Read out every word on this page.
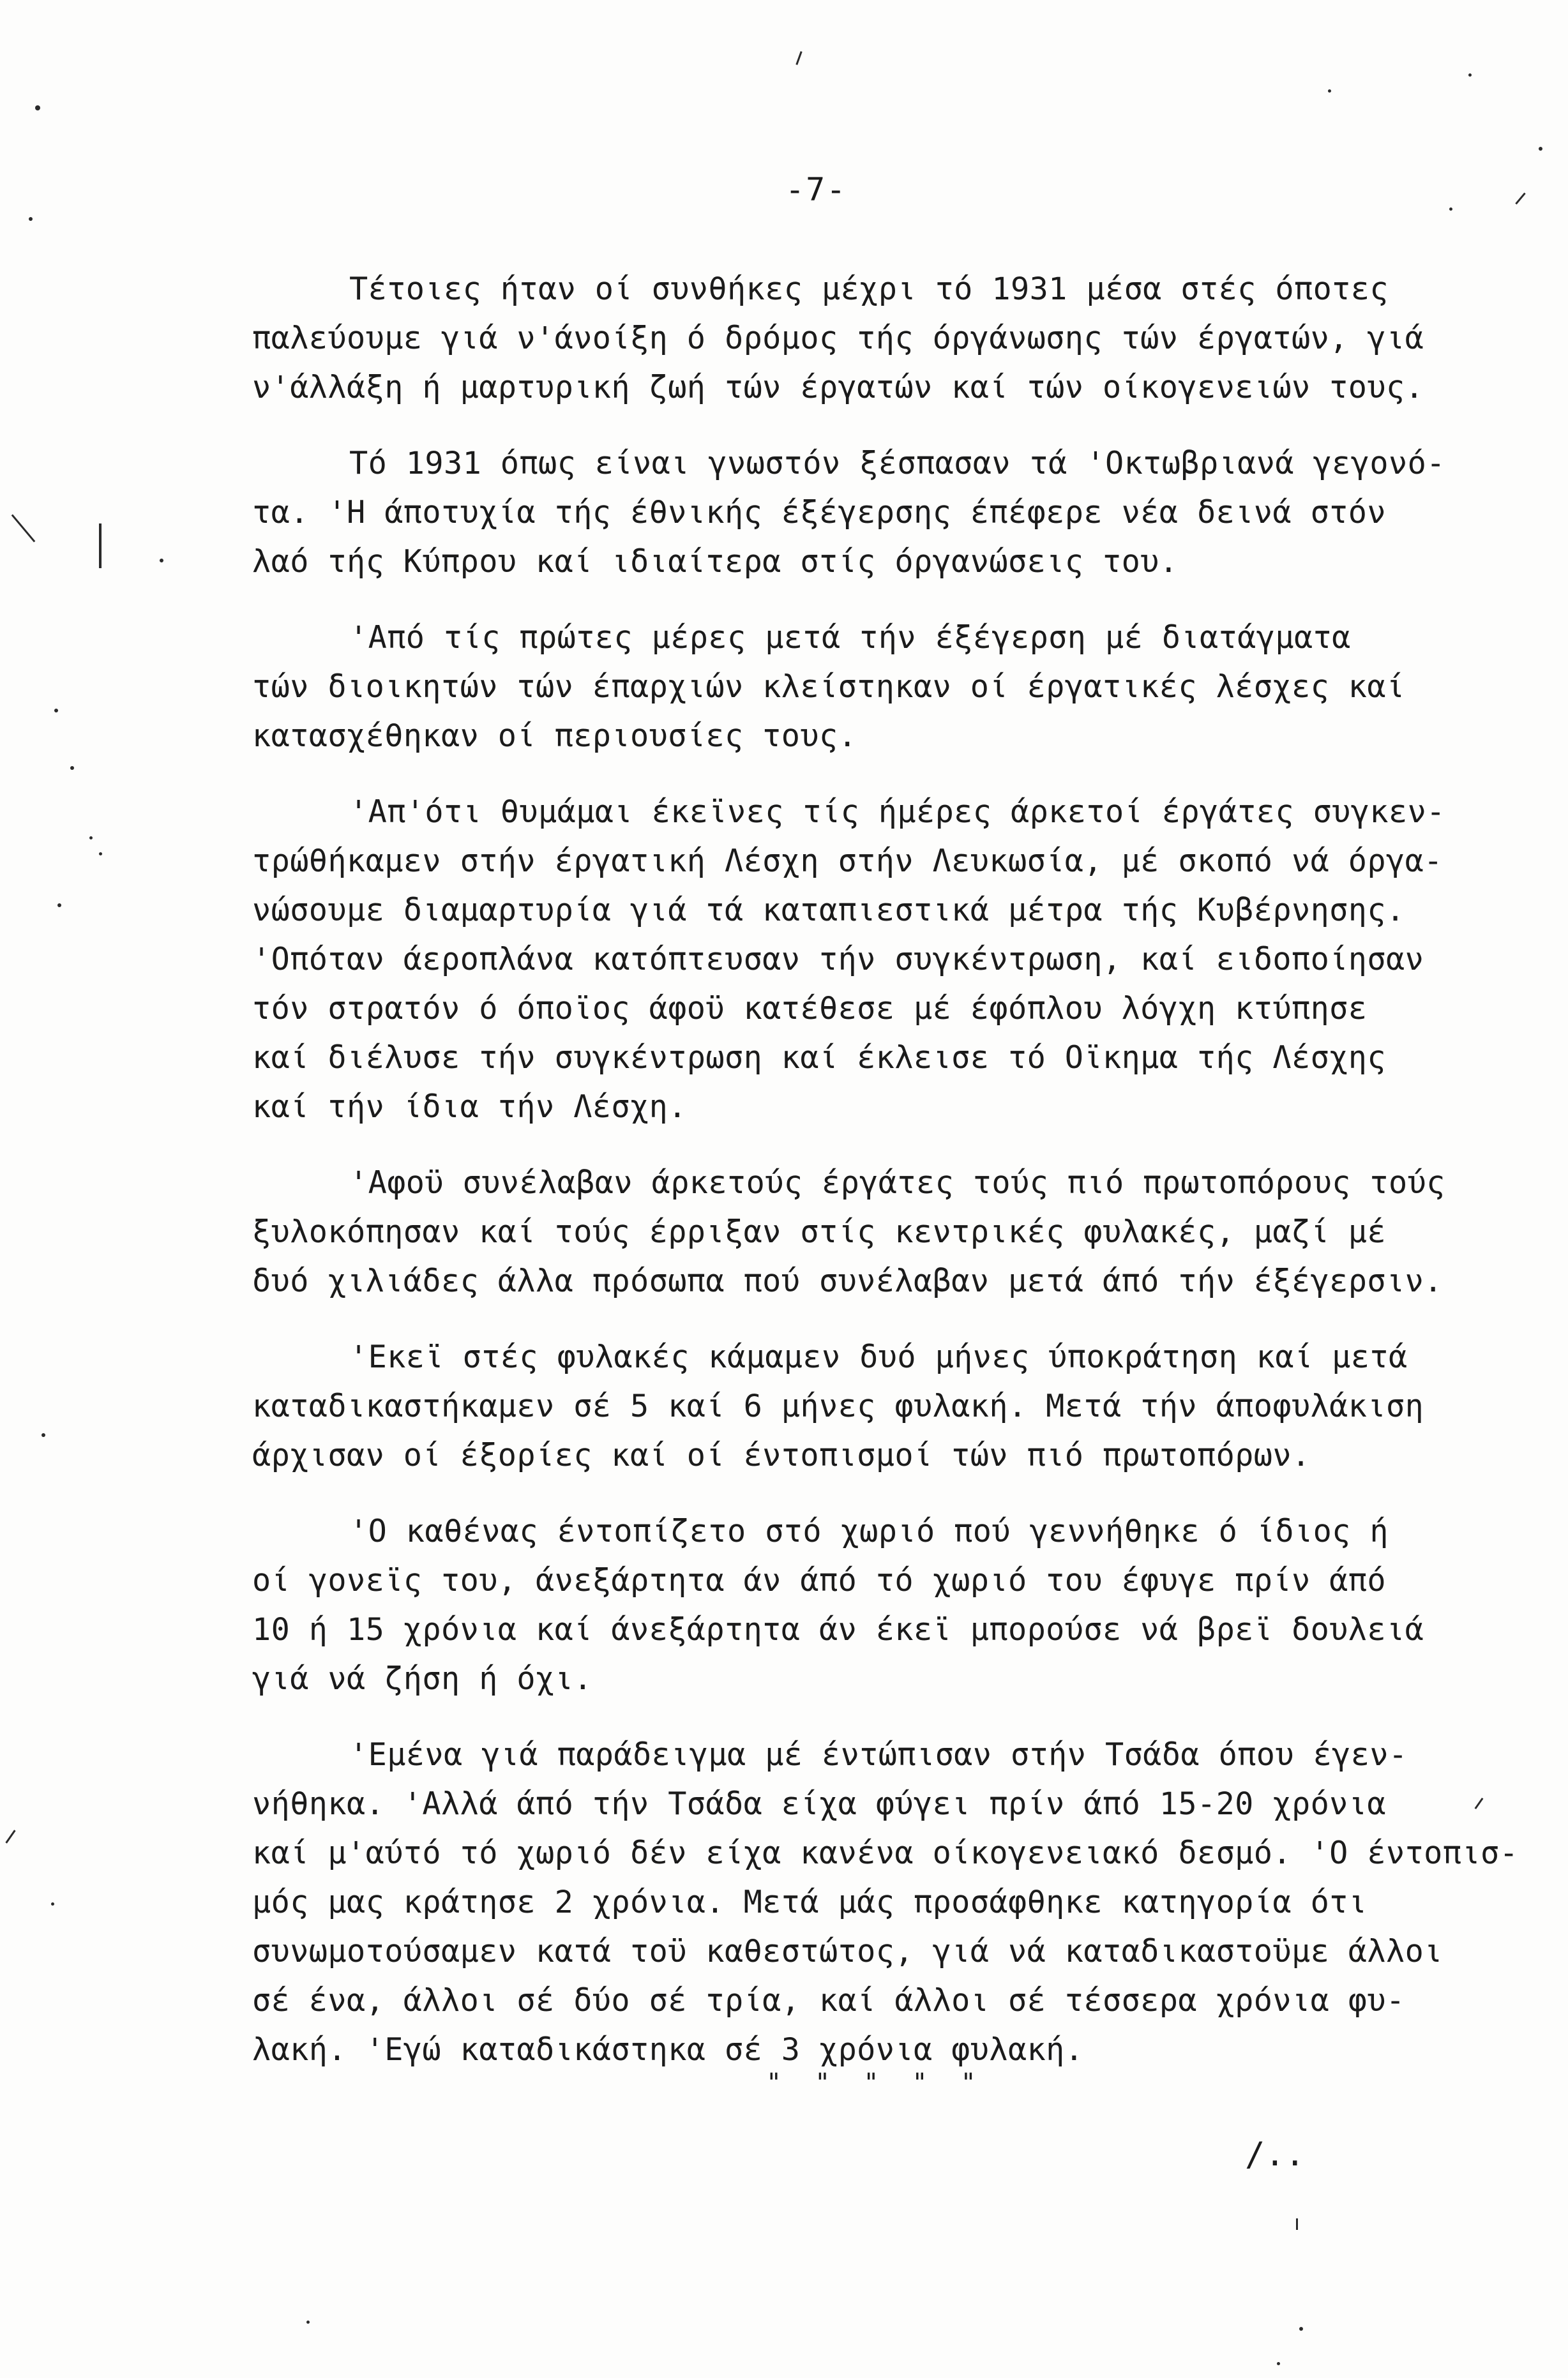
-7-
Τέτοιες ήταν οί συνθήκες μέχρι τό 1931 μέσα στές όποτες
παλεύουμε γιά ν'άνοίξη ό δρόμος τής όργάνωσης τών έργατών, γιά
ν'άλλάξη ή μαρτυρική ζωή τών έργατών καί τών οίκογενειών τους.
Τό 1931 όπως είναι γνωστόν ξέσπασαν τά 'Οκτωβριανά γεγονό-
τα. 'Η άποτυχία τής έθνικής έξέγερσης έπέφερε νέα δεινά στόν
λαό τής Κύπρου καί ιδιαίτερα στίς όργανώσεις του.
'Από τίς πρώτες μέρες μετά τήν έξέγερση μέ διατάγματα
τών διοικητών τών έπαρχιών κλείστηκαν οί έργατικές λέσχες καί
κατασχέθηκαν οί περιουσίες τους.
'Απ'ότι θυμάμαι έκεϊνες τίς ήμέρες άρκετοί έργάτες συγκεν-
τρώθήκαμεν στήν έργατική Λέσχη στήν Λευκωσία, μέ σκοπό νά όργα-
νώσουμε διαμαρτυρία γιά τά καταπιεστικά μέτρα τής Κυβέρνησης.
'Οπόταν άεροπλάνα κατόπτευσαν τήν συγκέντρωση, καί ειδοποίησαν
τόν στρατόν ό όποϊος άφοϋ κατέθεσε μέ έφόπλου λόγχη κτύπησε
καί διέλυσε τήν συγκέντρωση καί έκλεισε τό Οϊκημα τής Λέσχης
καί τήν ίδια τήν Λέσχη.
'Αφοϋ συνέλαβαν άρκετούς έργάτες τούς πιό πρωτοπόρους τούς
ξυλοκόπησαν καί τούς έρριξαν στίς κεντρικές φυλακές, μαζί μέ
δυό χιλιάδες άλλα πρόσωπα πού συνέλαβαν μετά άπό τήν έξέγερσιν.
'Εκεϊ στές φυλακές κάμαμεν δυό μήνες ύποκράτηση καί μετά
καταδικαστήκαμεν σέ 5 καί 6 μήνες φυλακή. Μετά τήν άποφυλάκιση
άρχισαν οί έξορίες καί οί έντοπισμοί τών πιό πρωτοπόρων.
'Ο καθένας έντοπίζετο στό χωριό πού γεννήθηκε ό ίδιος ή
οί γονεϊς του, άνεξάρτητα άν άπό τό χωριό του έφυγε πρίν άπό
10 ή 15 χρόνια καί άνεξάρτητα άν έκεϊ μπορούσε νά βρεϊ δουλειά
γιά νά ζήση ή όχι.
'Εμένα γιά παράδειγμα μέ έντώπισαν στήν Τσάδα όπου έγεν-
νήθηκα. 'Αλλά άπό τήν Τσάδα είχα φύγει πρίν άπό 15-20 χρόνια
καί μ'αύτό τό χωριό δέν είχα κανένα οίκογενειακό δεσμό. 'Ο έντοπισ-
μός μας κράτησε 2 χρόνια. Μετά μάς προσάφθηκε κατηγορία ότι
συνωμοτούσαμεν κατά τοϋ καθεστώτος, γιά νά καταδικαστοϋμε άλλοι
σέ ένα, άλλοι σέ δύο σέ τρία, καί άλλοι σέ τέσσερα χρόνια φυ-
λακή. 'Εγώ καταδικάστηκα σέ 3 χρόνια φυλακή.
" " " " "
/..
